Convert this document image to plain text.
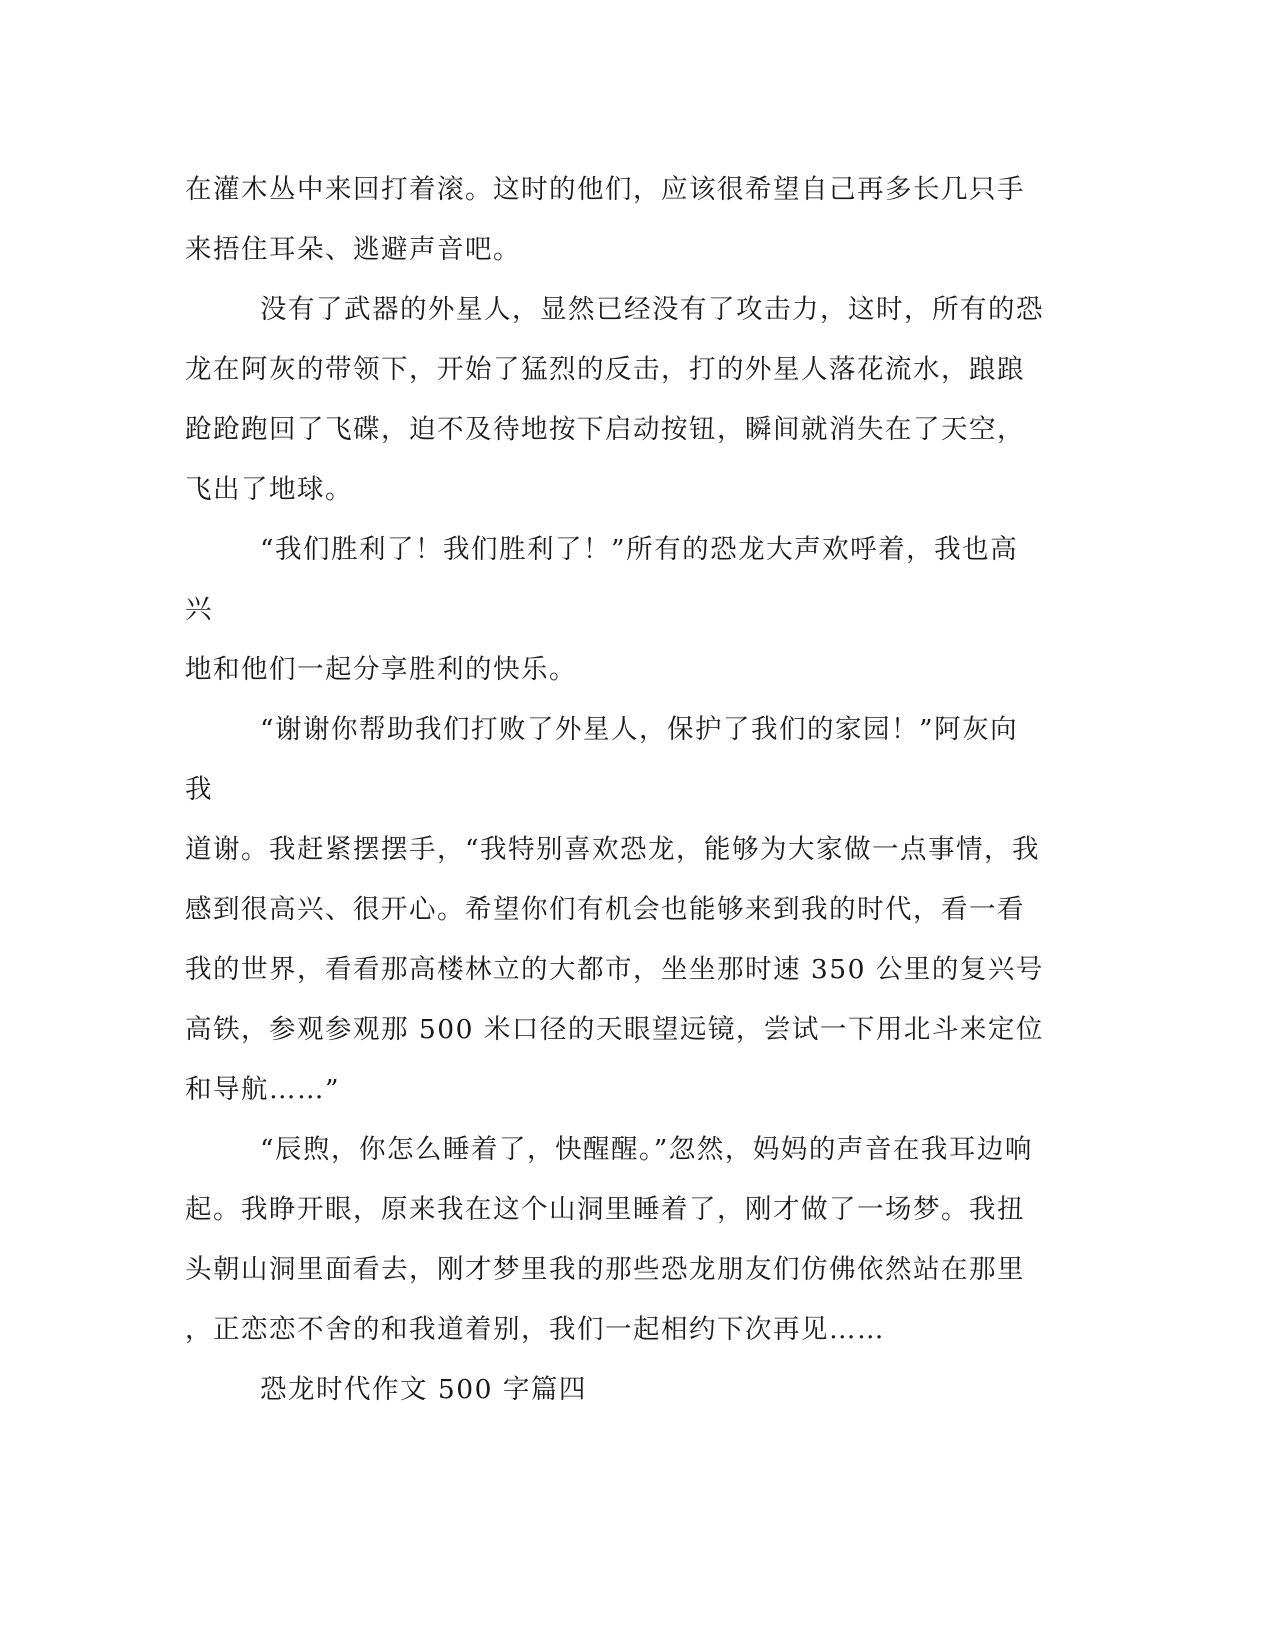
在灌木丛中来回打着滚。这时的他们，应该很希望自己再多长几只手
来捂住耳朵、逃避声音吧。

没有了武器的外星人，显然已经没有了攻击力，这时，所有的恐
龙在阿灰的带领下，开始了猛烈的反击，打的外星人落花流水，踉踉
跄跄跑回了飞碟，迫不及待地按下启动按钮，瞬间就消失在了天空，
飞出了地球。

“我们胜利了！我们胜利了！”所有的恐龙大声欢呼着，我也高兴
地和他们一起分享胜利的快乐。

“谢谢你帮助我们打败了外星人，保护了我们的家园！”阿灰向我
道谢。我赶紧摆摆手，“我特别喜欢恐龙，能够为大家做一点事情，我
感到很高兴、很开心。希望你们有机会也能够来到我的时代，看一看
我的世界，看看那高楼林立的大都市，坐坐那时速 350 公里的复兴号
高铁，参观参观那 500 米口径的天眼望远镜，尝试一下用北斗来定位
和导航……”

“辰煦，你怎么睡着了，快醒醒。”忽然，妈妈的声音在我耳边响
起。我睁开眼，原来我在这个山洞里睡着了，刚才做了一场梦。我扭
头朝山洞里面看去，刚才梦里我的那些恐龙朋友们仿佛依然站在那里
，正恋恋不舍的和我道着别，我们一起相约下次再见……

恐龙时代作文 500 字篇四
